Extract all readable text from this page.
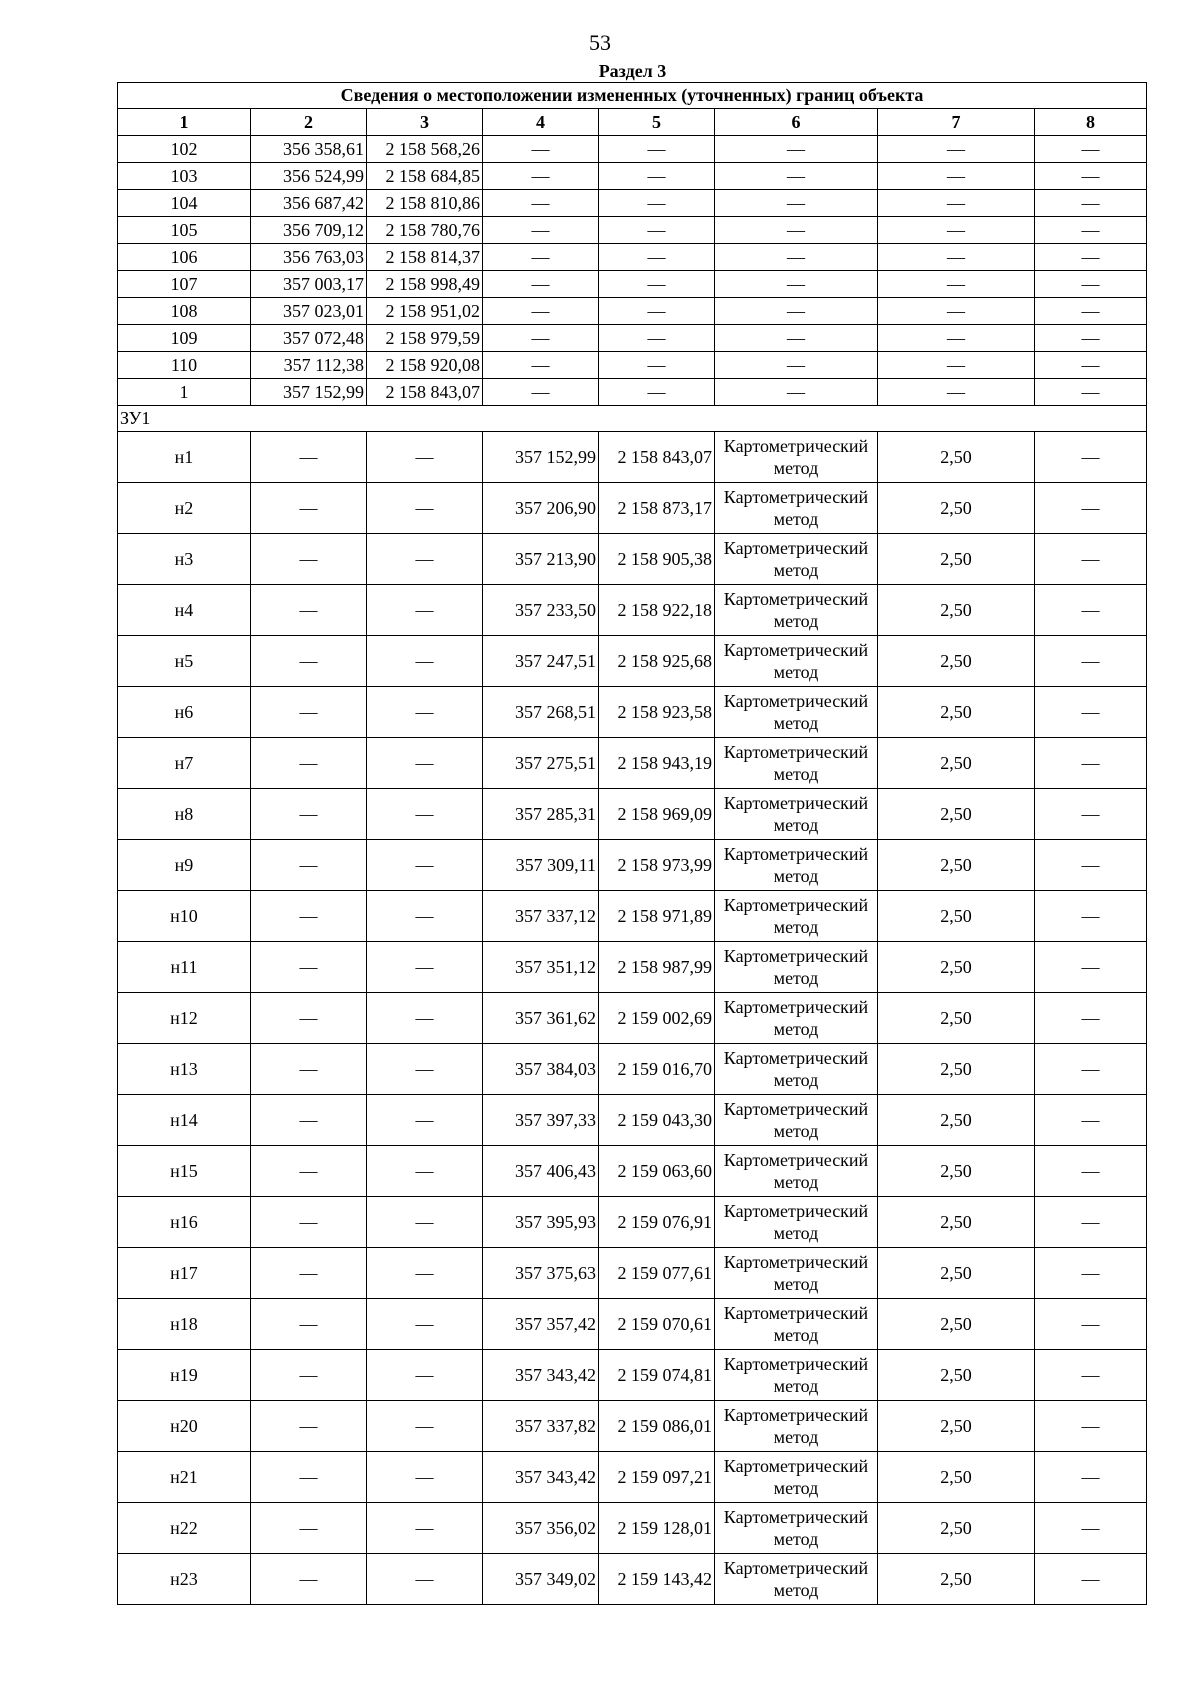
53
Раздел 3
Сведения о местоположении измененных (уточненных) границ объекта							
1	2	3	4	5	6	7	8
102	356 358,61	2 158 568,26	—	—	—	—	—
103	356 524,99	2 158 684,85	—	—	—	—	—
104	356 687,42	2 158 810,86	—	—	—	—	—
105	356 709,12	2 158 780,76	—	—	—	—	—
106	356 763,03	2 158 814,37	—	—	—	—	—
107	357 003,17	2 158 998,49	—	—	—	—	—
108	357 023,01	2 158 951,02	—	—	—	—	—
109	357 072,48	2 158 979,59	—	—	—	—	—
110	357 112,38	2 158 920,08	—	—	—	—	—
1	357 152,99	2 158 843,07	—	—	—	—	—
ЗУ1							
н1	—	—	357 152,99	2 158 843,07	Картометрический метод	2,50	—
н2	—	—	357 206,90	2 158 873,17	Картометрический метод	2,50	—
н3	—	—	357 213,90	2 158 905,38	Картометрический метод	2,50	—
н4	—	—	357 233,50	2 158 922,18	Картометрический метод	2,50	—
н5	—	—	357 247,51	2 158 925,68	Картометрический метод	2,50	—
н6	—	—	357 268,51	2 158 923,58	Картометрический метод	2,50	—
н7	—	—	357 275,51	2 158 943,19	Картометрический метод	2,50	—
н8	—	—	357 285,31	2 158 969,09	Картометрический метод	2,50	—
н9	—	—	357 309,11	2 158 973,99	Картометрический метод	2,50	—
н10	—	—	357 337,12	2 158 971,89	Картометрический метод	2,50	—
н11	—	—	357 351,12	2 158 987,99	Картометрический метод	2,50	—
н12	—	—	357 361,62	2 159 002,69	Картометрический метод	2,50	—
н13	—	—	357 384,03	2 159 016,70	Картометрический метод	2,50	—
н14	—	—	357 397,33	2 159 043,30	Картометрический метод	2,50	—
н15	—	—	357 406,43	2 159 063,60	Картометрический метод	2,50	—
н16	—	—	357 395,93	2 159 076,91	Картометрический метод	2,50	—
н17	—	—	357 375,63	2 159 077,61	Картометрический метод	2,50	—
н18	—	—	357 357,42	2 159 070,61	Картометрический метод	2,50	—
н19	—	—	357 343,42	2 159 074,81	Картометрический метод	2,50	—
н20	—	—	357 337,82	2 159 086,01	Картометрический метод	2,50	—
н21	—	—	357 343,42	2 159 097,21	Картометрический метод	2,50	—
н22	—	—	357 356,02	2 159 128,01	Картометрический метод	2,50	—
н23	—	—	357 349,02	2 159 143,42	Картометрический метод	2,50	—
